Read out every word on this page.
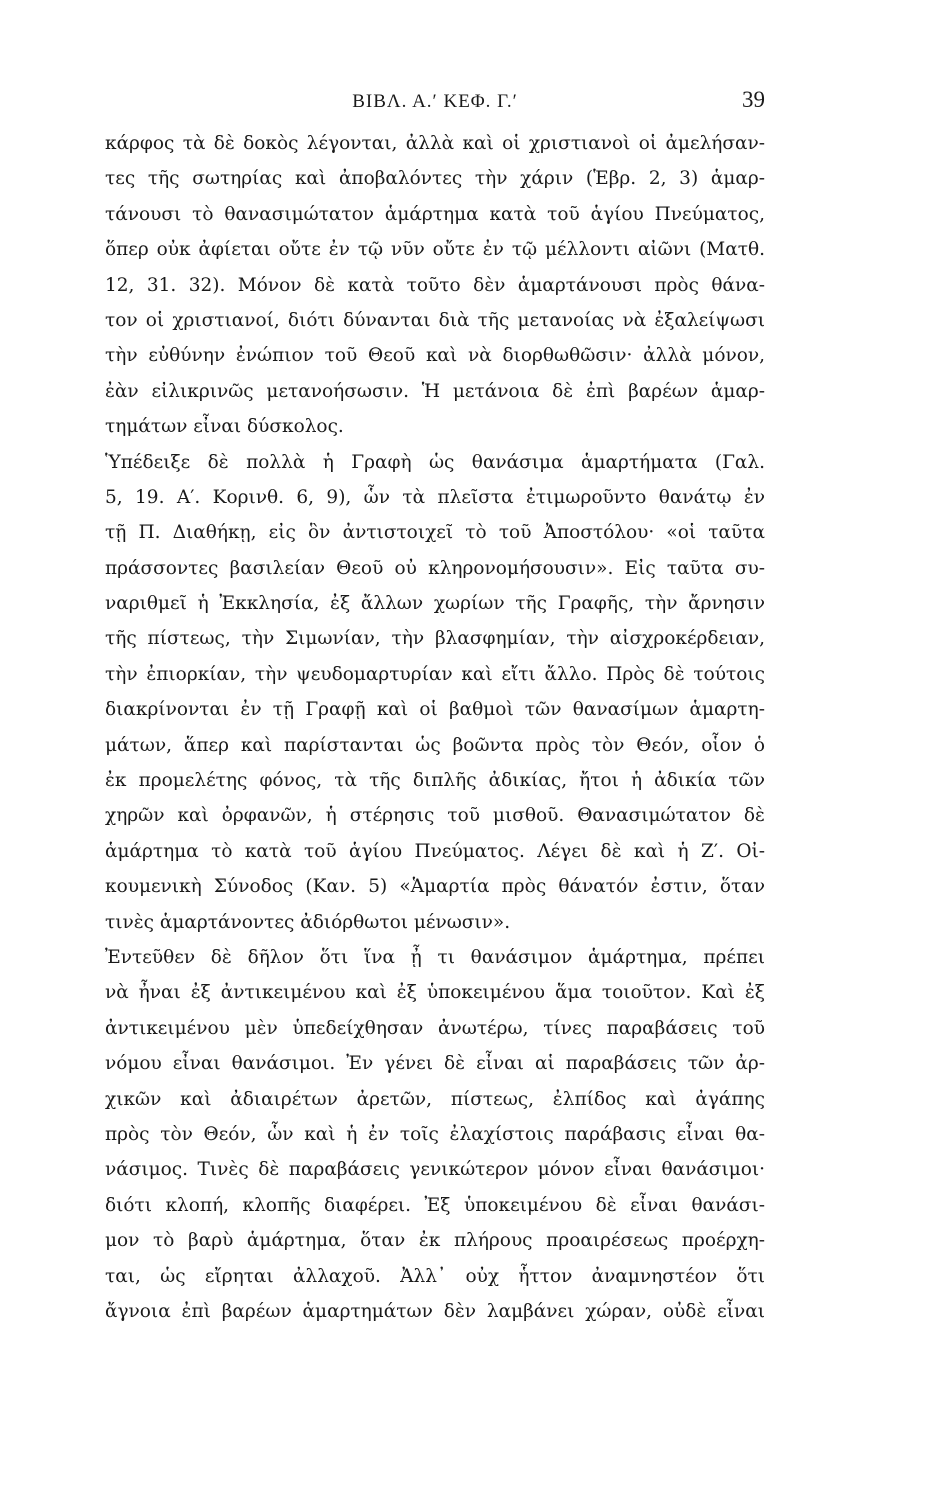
ΒΙΒΛ. Α.′ ΚΕΦ. Γ.′	39
κάρφος τὰ δὲ δοκὸς λέγονται, ἀλλὰ καὶ οἱ χριστιανοὶ οἱ ἀμελήσαν-
τες τῆς σωτηρίας καὶ ἀποβαλόντες τὴν χάριν (Ἑβρ. 2, 3) ἁμαρ-
τάνουσι τὸ θανασιμώτατον ἁμάρτημα κατὰ τοῦ ἁγίου Πνεύματος,
ὅπερ οὐκ ἀφίεται οὔτε ἐν τῷ νῦν οὔτε ἐν τῷ μέλλοντι αἰῶνι (Ματθ.
12, 31. 32). Μόνον δὲ κατὰ τοῦτο δὲν ἁμαρτάνουσι πρὸς θάνα-
τον οἱ χριστιανοί, διότι δύνανται διὰ τῆς μετανοίας νὰ ἐξαλείψωσι
τὴν εὐθύνην ἐνώπιον τοῦ Θεοῦ καὶ νὰ διορθωθῶσιν· ἀλλὰ μόνον,
ἐὰν εἰλικρινῶς μετανοήσωσιν. Ἡ μετάνοια δὲ ἐπὶ βαρέων ἁμαρ-
τημάτων εἶναι δύσκολος.
Ὑπέδειξε δὲ πολλὰ ἡ Γραφὴ ὡς θανάσιμα ἁμαρτήματα (Γαλ.
5, 19. Α′. Κορινθ. 6, 9), ὧν τὰ πλεῖστα ἐτιμωροῦντο θανάτῳ ἐν
τῇ Π. Διαθήκῃ, εἰς ὃν ἀντιστοιχεῖ τὸ τοῦ Ἀποστόλου· «οἱ ταῦτα
πράσσοντες βασιλείαν Θεοῦ οὐ κληρονομήσουσιν». Εἰς ταῦτα συ-
ναριθμεῖ ἡ Ἐκκλησία, ἐξ ἄλλων χωρίων τῆς Γραφῆς, τὴν ἄρνησιν
τῆς πίστεως, τὴν Σιμωνίαν, τὴν βλασφημίαν, τὴν αἰσχροκέρδειαν,
τὴν ἐπιορκίαν, τὴν ψευδομαρτυρίαν καὶ εἴτι ἄλλο. Πρὸς δὲ τούτοις
διακρίνονται ἐν τῇ Γραφῇ καὶ οἱ βαθμοὶ τῶν θανασίμων ἁμαρτη-
μάτων, ἅπερ καὶ παρίστανται ὡς βοῶντα πρὸς τὸν Θεόν, οἷον ὁ
ἐκ προμελέτης φόνος, τὰ τῆς διπλῆς ἀδικίας, ἤτοι ἡ ἀδικία τῶν
χηρῶν καὶ ὀρφανῶν, ἡ στέρησις τοῦ μισθοῦ. Θανασιμώτατον δὲ
ἁμάρτημα τὸ κατὰ τοῦ ἁγίου Πνεύματος. Λέγει δὲ καὶ ἡ Ζ′. Οἰ-
κουμενικὴ Σύνοδος (Καν. 5) «Ἁμαρτία πρὸς θάνατόν ἐστιν, ὅταν
τινὲς ἁμαρτάνοντες ἀδιόρθωτοι μένωσιν».
Ἐντεῦθεν δὲ δῆλον ὅτι ἵνα ᾖ τι θανάσιμον ἁμάρτημα, πρέπει
νὰ ἦναι ἐξ ἀντικειμένου καὶ ἐξ ὑποκειμένου ἅμα τοιοῦτον. Καὶ ἐξ
ἀντικειμένου μὲν ὑπεδείχθησαν ἀνωτέρω, τίνες παραβάσεις τοῦ
νόμου εἶναι θανάσιμοι. Ἐν γένει δὲ εἶναι αἱ παραβάσεις τῶν ἀρ-
χικῶν καὶ ἀδιαιρέτων ἀρετῶν, πίστεως, ἐλπίδος καὶ ἀγάπης
πρὸς τὸν Θεόν, ὧν καὶ ἡ ἐν τοῖς ἐλαχίστοις παράβασις εἶναι θα-
νάσιμος. Τινὲς δὲ παραβάσεις γενικώτερον μόνον εἶναι θανάσιμοι·
διότι κλοπή, κλοπῆς διαφέρει. Ἐξ ὑποκειμένου δὲ εἶναι θανάσι-
μον τὸ βαρὺ ἁμάρτημα, ὅταν ἐκ πλήρους προαιρέσεως προέρχη-
ται, ὡς εἴρηται ἀλλαχοῦ. Ἀλλ᾽ οὐχ ἧττον ἀναμνηστέον ὅτι
ἄγνοια ἐπὶ βαρέων ἁμαρτημάτων δὲν λαμβάνει χώραν, οὐδὲ εἶναι
